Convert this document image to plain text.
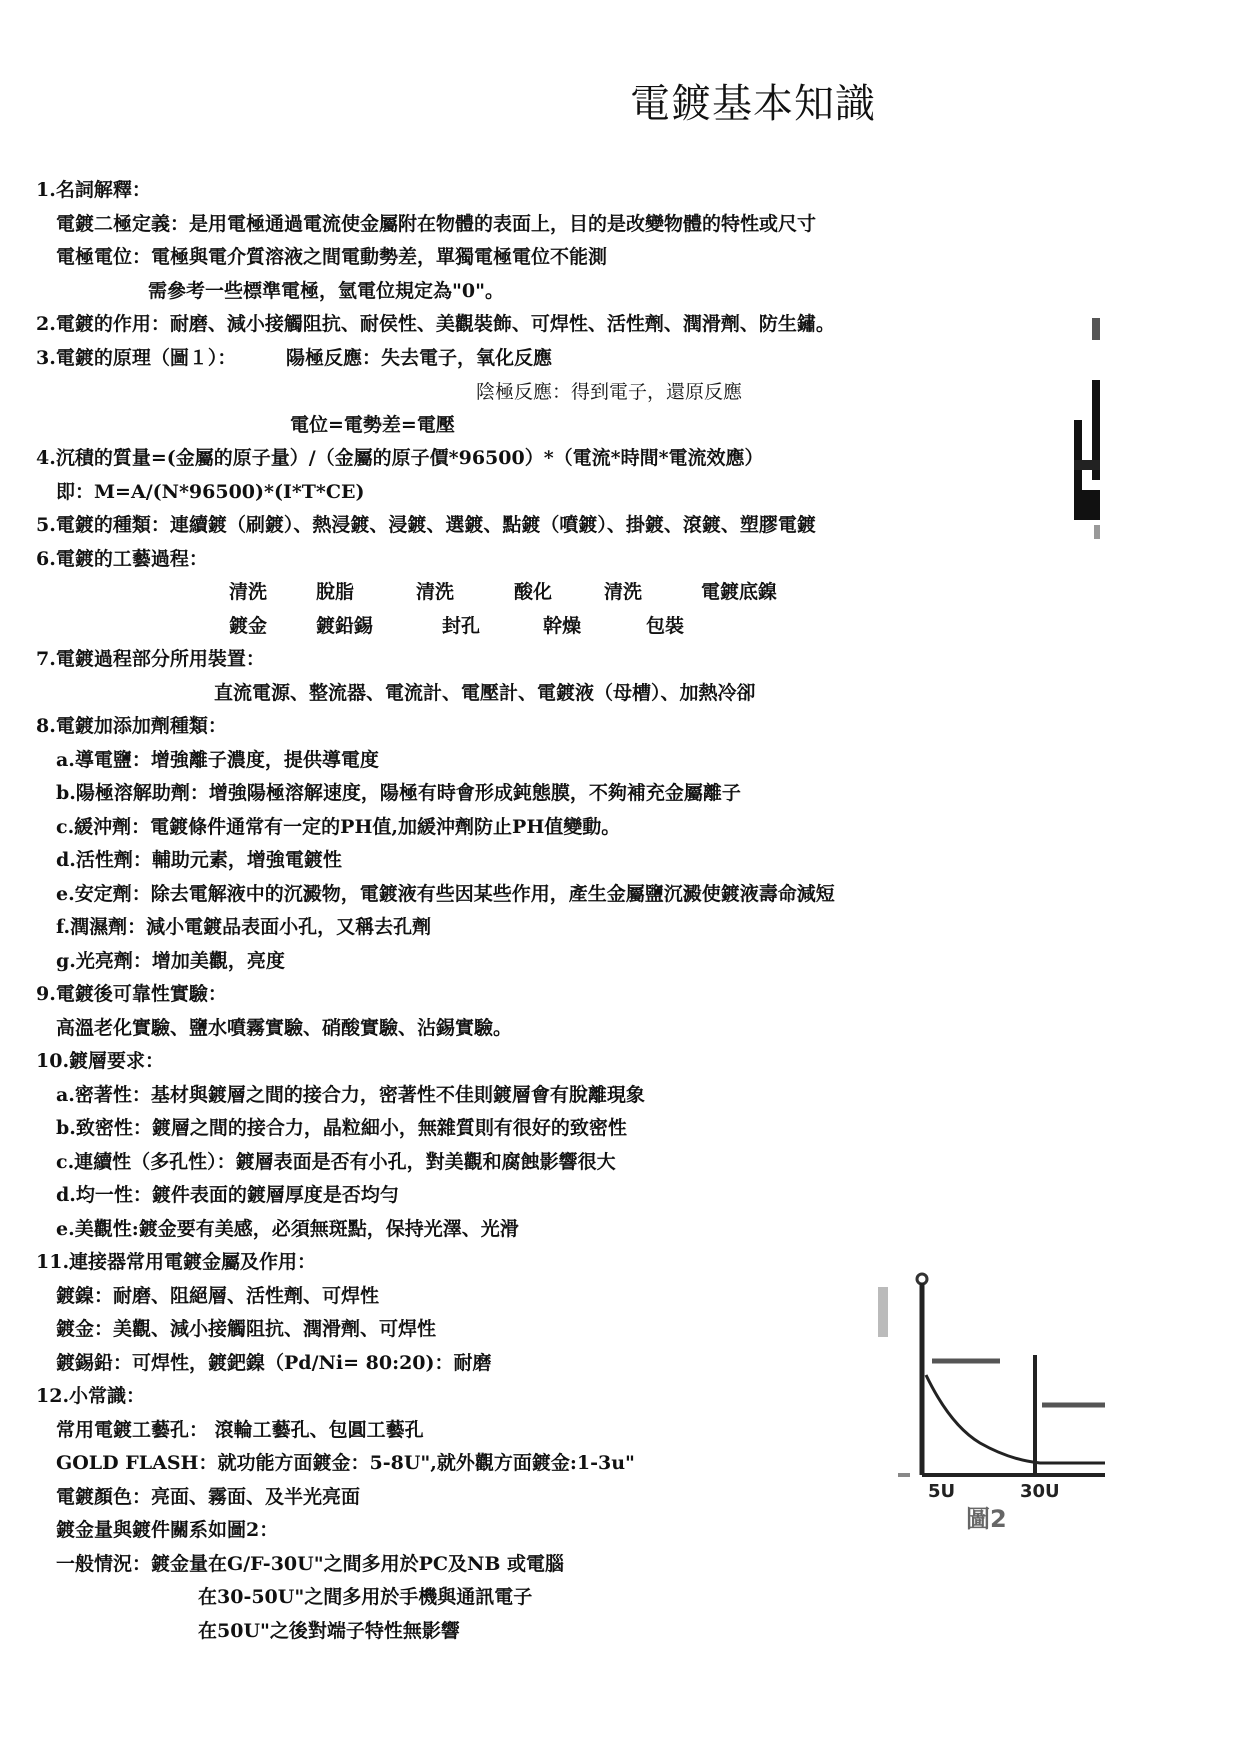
電鍍基本知識
1.名詞解釋：
電鍍二極定義：是用電極通過電流使金屬附在物體的表面上，目的是改變物體的特性或尺寸
電極電位：電極與電介質溶液之間電動勢差，單獨電極電位不能測
需參考一些標準電極，氫電位規定為"0"。
2.電鍍的作用：耐磨、減小接觸阻抗、耐侯性、美觀裝飾、可焊性、活性劑、潤滑劑、防生鏽。
3.電鍍的原理（圖１）：	陽極反應：失去電子，氧化反應
陰極反應：得到電子，還原反應
電位=電勢差=電壓
4.沉積的質量=(金屬的原子量）/（金屬的原子價*96500）*（電流*時間*電流效應）
即：M=A/(N*96500)*(I*T*CE)
5.電鍍的種類：連續鍍（刷鍍）、熱浸鍍、浸鍍、選鍍、點鍍（噴鍍）、掛鍍、滾鍍、塑膠電鍍
6.電鍍的工藝過程：
清洗	脫脂	清洗	酸化	清洗	電鍍底鎳
鍍金	鍍鉛錫	封孔	幹燥	包裝
7.電鍍過程部分所用裝置：
直流電源、整流器、電流計、電壓計、電鍍液（母槽）、加熱冷卻
8.電鍍加添加劑種類：
a.導電鹽：增強離子濃度，提供導電度
b.陽極溶解助劑：增強陽極溶解速度，陽極有時會形成鈍態膜，不夠補充金屬離子
c.緩沖劑：電鍍條件通常有一定的PH值,加緩沖劑防止PH值變動。
d.活性劑：輔助元素，增強電鍍性
e.安定劑：除去電解液中的沉澱物，電鍍液有些因某些作用，產生金屬鹽沉澱使鍍液壽命減短
f.潤濕劑：減小電鍍品表面小孔，又稱去孔劑
g.光亮劑：增加美觀，亮度
9.電鍍後可靠性實驗：
高溫老化實驗、鹽水噴霧實驗、硝酸實驗、沾錫實驗。
10.鍍層要求：
a.密著性：基材與鍍層之間的接合力，密著性不佳則鍍層會有脫離現象
b.致密性：鍍層之間的接合力，晶粒細小，無雜質則有很好的致密性
c.連續性（多孔性）：鍍層表面是否有小孔，對美觀和腐蝕影響很大
d.均一性：鍍件表面的鍍層厚度是否均勻
e.美觀性:鍍金要有美感，必須無斑點，保持光澤、光滑
11.連接器常用電鍍金屬及作用：
鍍鎳：耐磨、阻絕層、活性劑、可焊性
鍍金：美觀、減小接觸阻抗、潤滑劑、可焊性
鍍錫鉛：可焊性，鍍鈀鎳（Pd/Ni= 80:20)：耐磨
12.小常識：
常用電鍍工藝孔： 滾輪工藝孔、包圓工藝孔
GOLD FLASH：就功能方面鍍金：5-8U",就外觀方面鍍金:1-3u"
電鍍顏色：亮面、霧面、及半光亮面
鍍金量與鍍件關系如圖2：
一般情況：鍍金量在G/F-30U"之間多用於PC及NB 或電腦
在30-50U"之間多用於手機與通訊電子
在50U"之後對端子特性無影響
5U	30U
圖2
